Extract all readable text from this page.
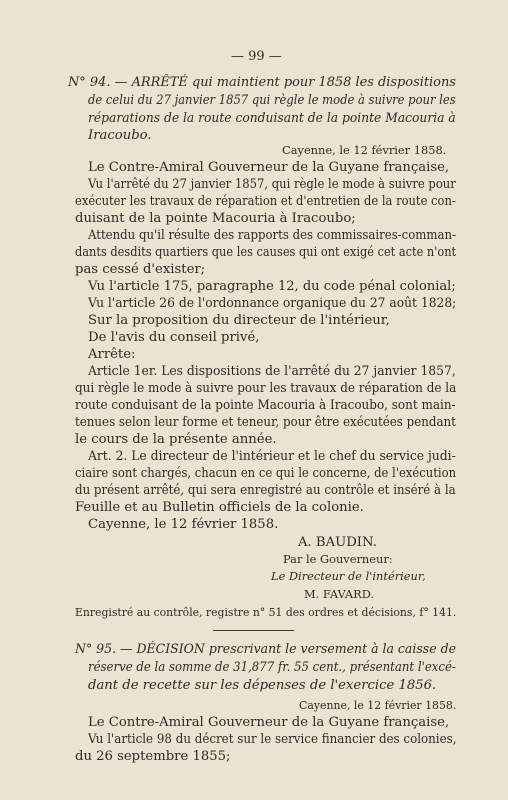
— 99 —
N° 94. — ARRÊTÉ qui maintient pour 1858 les dispositions
de celui du 27 janvier 1857 qui règle le mode à suivre pour les
réparations de la route conduisant de la pointe Macouria à
Iracoubo.
Cayenne, le 12 février 1858.
Le Contre-Amiral Gouverneur de la Guyane française,
Vu l'arrêté du 27 janvier 1857, qui règle le mode à suivre pour
exécuter les travaux de réparation et d'entretien de la route con-
duisant de la pointe Macouria à Iracoubo;
Attendu qu'il résulte des rapports des commissaires-comman-
dants desdits quartiers que les causes qui ont exigé cet acte n'ont
pas cessé d'exister;
Vu l'article 175, paragraphe 12, du code pénal colonial;
Vu l'article 26 de l'ordonnance organique du 27 août 1828;
Sur la proposition du directeur de l'intérieur,
De l'avis du conseil privé,
Arrête:
Article 1er. Les dispositions de l'arrêté du 27 janvier 1857,
qui règle le mode à suivre pour les travaux de réparation de la
route conduisant de la pointe Macouria à Iracoubo, sont main-
tenues selon leur forme et teneur, pour être exécutées pendant
le cours de la présente année.
Art. 2. Le directeur de l'intérieur et le chef du service judi-
ciaire sont chargés, chacun en ce qui le concerne, de l'exécution
du présent arrêté, qui sera enregistré au contrôle et inséré à la
Feuille et au Bulletin officiels de la colonie.
Cayenne, le 12 février 1858.
A. BAUDIN.
Par le Gouverneur:
Le Directeur de l'intérieur,
M. FAVARD.
Enregistré au contrôle, registre n° 51 des ordres et décisions, f° 141.
N° 95. — DÉCISION prescrivant le versement à la caisse de
réserve de la somme de 31,877 fr. 55 cent., présentant l'excé-
dant de recette sur les dépenses de l'exercice 1856.
Cayenne, le 12 février 1858.
Le Contre-Amiral Gouverneur de la Guyane française,
Vu l'article 98 du décret sur le service financier des colonies,
du 26 septembre 1855;
